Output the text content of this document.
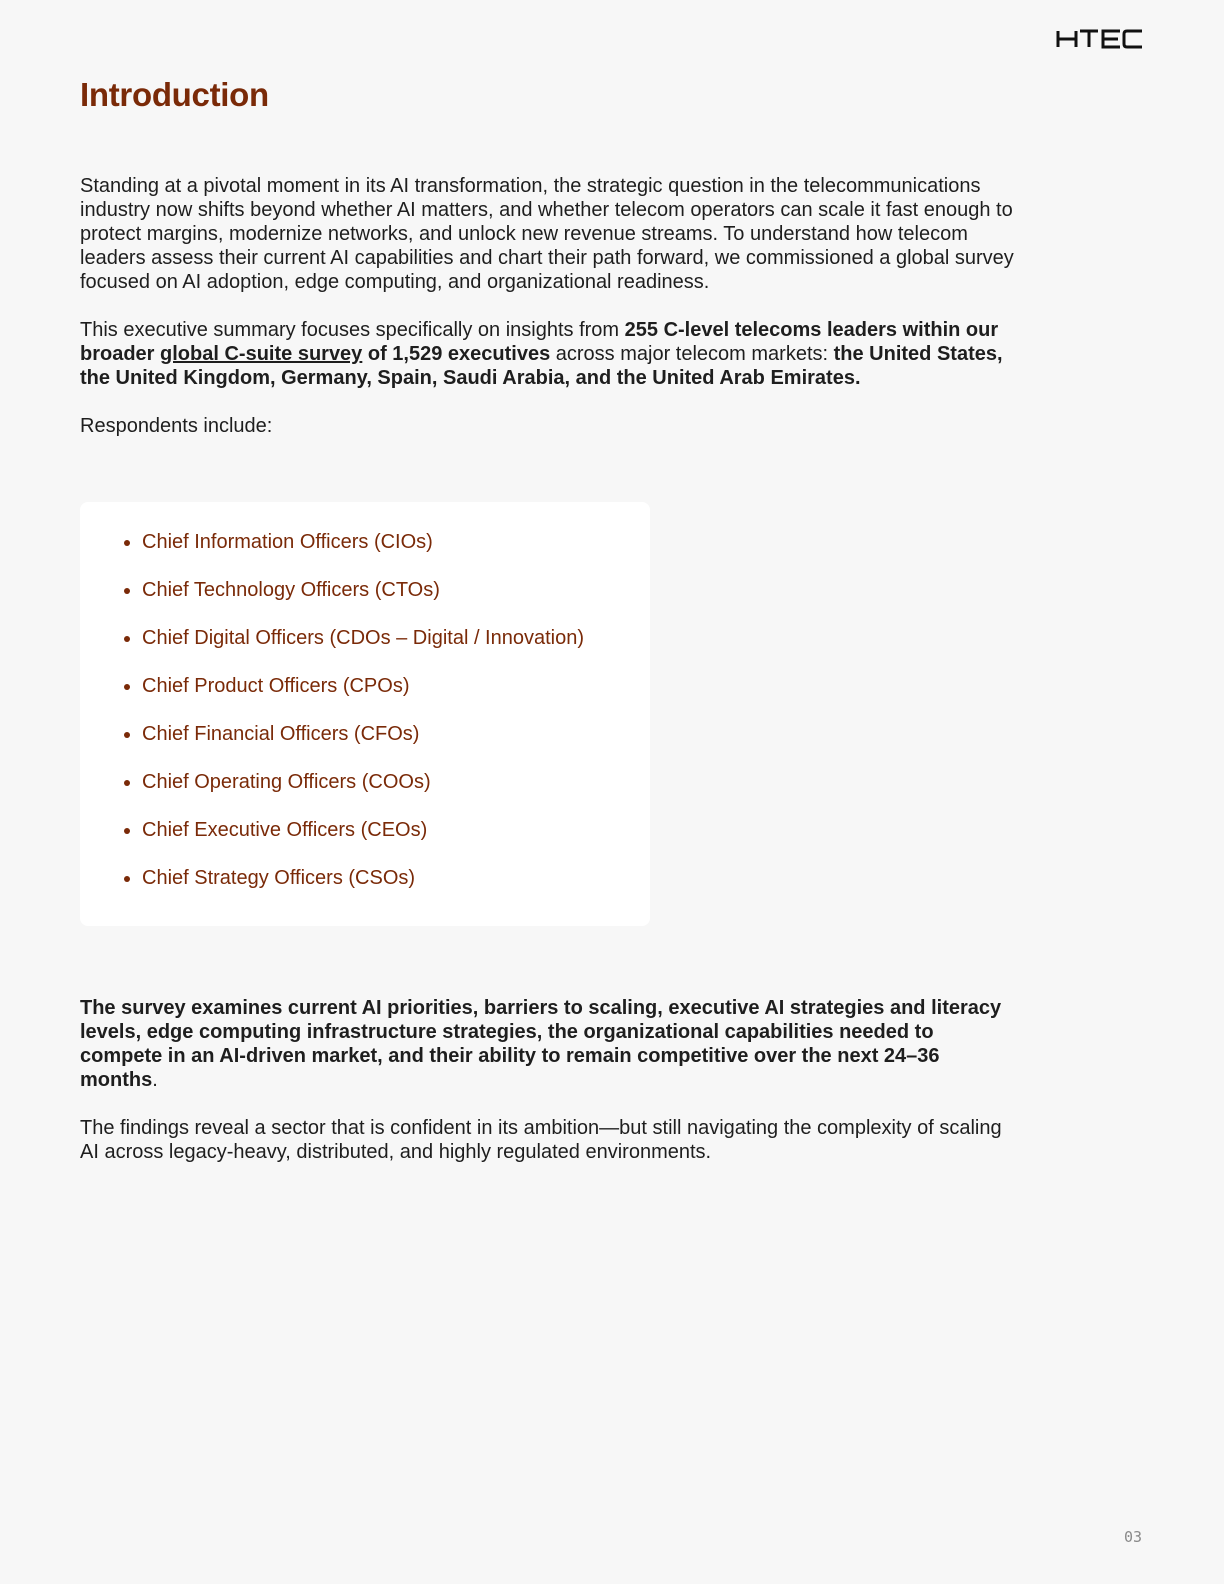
Introduction

Standing at a pivotal moment in its AI transformation, the strategic question in the telecommunications industry now shifts beyond whether AI matters, and whether telecom operators can scale it fast enough to protect margins, modernize networks, and unlock new revenue streams. To understand how telecom leaders assess their current AI capabilities and chart their path forward, we commissioned a global survey focused on AI adoption, edge computing, and organizational readiness.

This executive summary focuses specifically on insights from 255 C-level telecoms leaders within our broader global C-suite survey of 1,529 executives across major telecom markets: the United States, the United Kingdom, Germany, Spain, Saudi Arabia, and the United Arab Emirates.

Respondents include:

• Chief Information Officers (CIOs)
• Chief Technology Officers (CTOs)
• Chief Digital Officers (CDOs – Digital / Innovation)
• Chief Product Officers (CPOs)
• Chief Financial Officers (CFOs)
• Chief Operating Officers (COOs)
• Chief Executive Officers (CEOs)
• Chief Strategy Officers (CSOs)

The survey examines current AI priorities, barriers to scaling, executive AI strategies and literacy levels, edge computing infrastructure strategies, the organizational capabilities needed to compete in an AI-driven market, and their ability to remain competitive over the next 24–36 months.

The findings reveal a sector that is confident in its ambition—but still navigating the complexity of scaling AI across legacy-heavy, distributed, and highly regulated environments.

03
